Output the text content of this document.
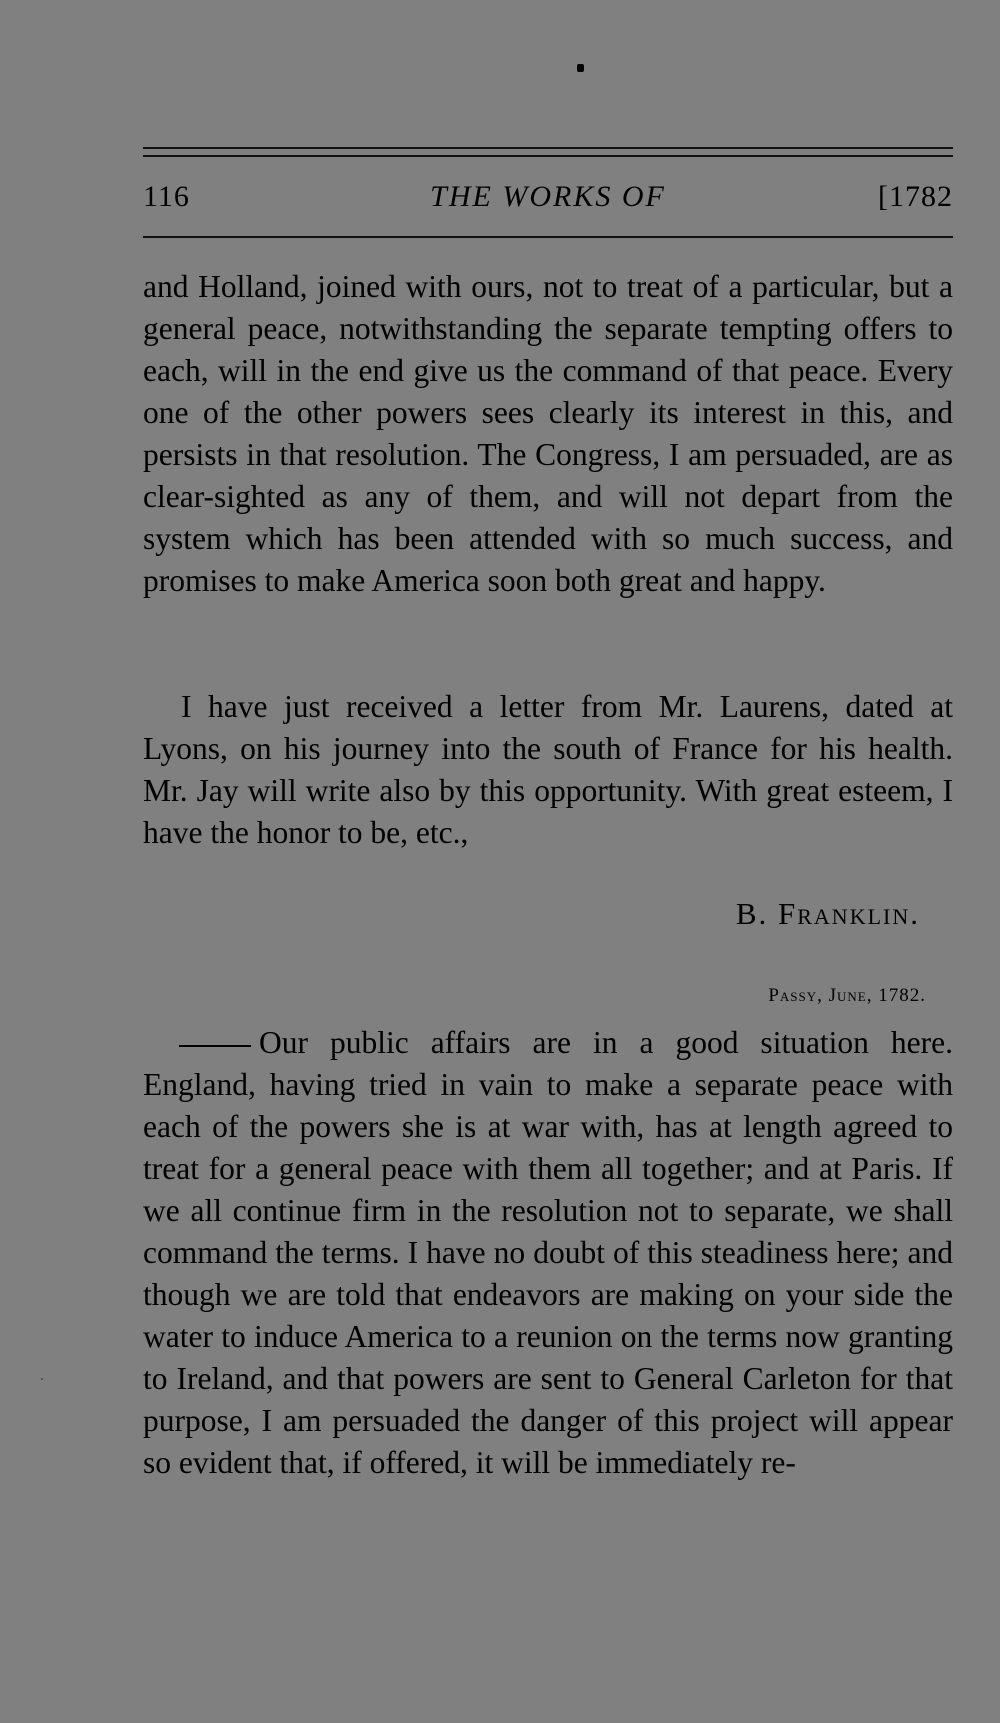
116	THE WORKS OF	[1782

and Holland, joined with ours, not to treat of a particular, but a general peace, notwithstanding the separate tempting offers to each, will in the end give us the command of that peace. Every one of the other powers sees clearly its interest in this, and persists in that resolution. The Congress, I am persuaded, are as clear-sighted as any of them, and will not depart from the system which has been attended with so much success, and promises to make America soon both great and happy.

I have just received a letter from Mr. Laurens, dated at Lyons, on his journey into the south of France for his health. Mr. Jay will write also by this opportunity. With great esteem, I have the honor to be, etc.,

B. Franklin.
Passy, June, 1782.

Our public affairs are in a good situation here. England, having tried in vain to make a separate peace with each of the powers she is at war with, has at length agreed to treat for a general peace with them all together; and at Paris. If we all continue firm in the resolution not to separate, we shall command the terms. I have no doubt of this steadiness here; and though we are told that endeavors are making on your side the water to induce America to a reunion on the terms now granting to Ireland, and that powers are sent to General Carleton for that purpose, I am persuaded the danger of this project will appear so evident that, if offered, it will be immediately re-
